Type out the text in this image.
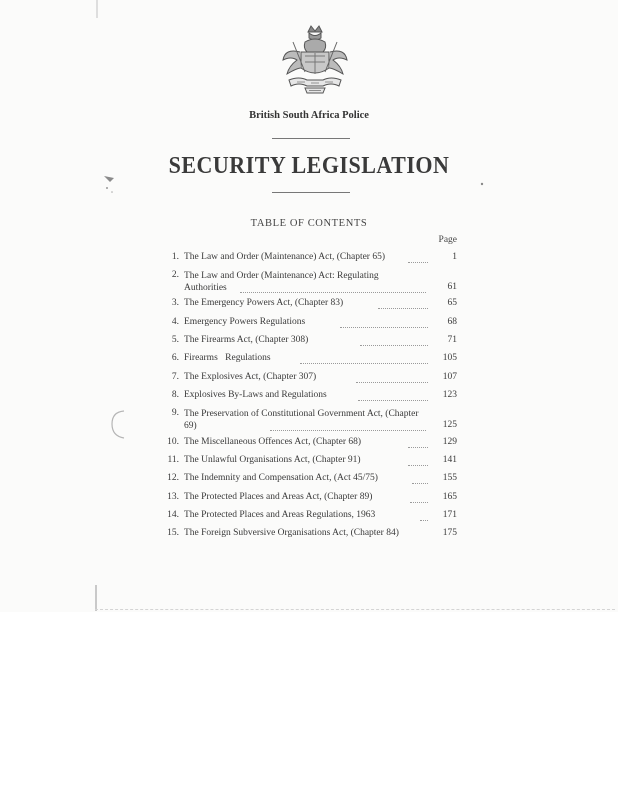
British South Africa Police
SECURITY LEGISLATION
TABLE OF CONTENTS
Page
1. The Law and Order (Maintenance) Act, (Chapter 65)	1
2. The Law and Order (Maintenance) Act: Regulating Authorities	61
3. The Emergency Powers Act, (Chapter 83)	65
4. Emergency Powers Regulations	68
5. The Firearms Act, (Chapter 308)	71
6. Firearms Regulations	105
7. The Explosives Act, (Chapter 307)	107
8. Explosives By-Laws and Regulations	123
9. The Preservation of Constitutional Government Act, (Chapter 69)	125
10. The Miscellaneous Offences Act, (Chapter 68)	129
11. The Unlawful Organisations Act, (Chapter 91)	141
12. The Indemnity and Compensation Act, (Act 45/75)	155
13. The Protected Places and Areas Act, (Chapter 89)	165
14. The Protected Places and Areas Regulations, 1963	171
15. The Foreign Subversive Organisations Act, (Chapter 84)	175
